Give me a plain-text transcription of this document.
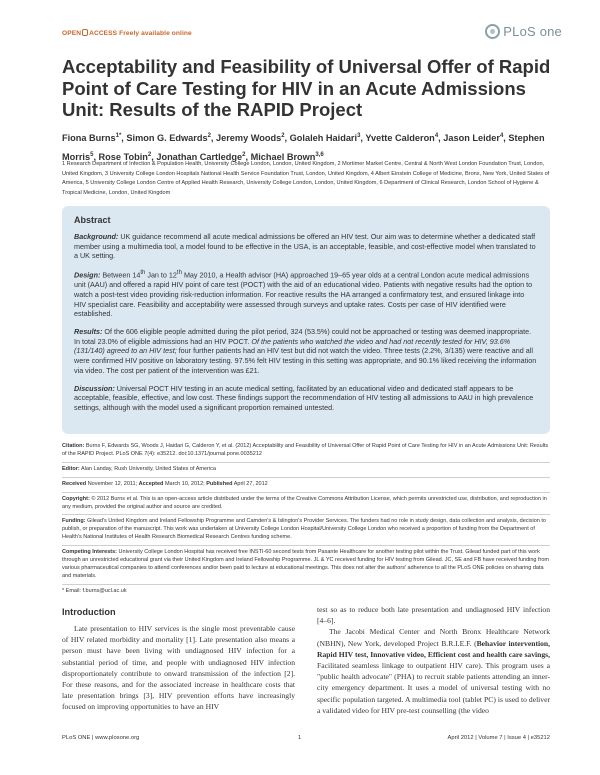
OPEN ACCESS Freely available online	PLoS one
Acceptability and Feasibility of Universal Offer of Rapid Point of Care Testing for HIV in an Acute Admissions Unit: Results of the RAPID Project
Fiona Burns$^{1*}$, Simon G. Edwards$^2$, Jeremy Woods$^2$, Golaleh Haidari$^3$, Yvette Calderon$^4$, Jason Leider$^4$, Stephen Morris$^5$, Rose Tobin$^2$, Jonathan Cartledge$^2$, Michael Brown$^{3,6}$
1 Research Department of Infection & Population Health, University College London, London, United Kingdom, 2 Mortimer Market Centre, Central & North West London Foundation Trust, London, United Kingdom, 3 University College London Hospitals National Health Service Foundation Trust, London, United Kingdom, 4 Albert Einstein College of Medicine, Bronx, New York, United States of America, 5 University College London Centre of Applied Health Research, University College London, London, United Kingdom, 6 Department of Clinical Research, London School of Hygiene & Tropical Medicine, London, United Kingdom
Abstract

Background: UK guidance recommend all acute medical admissions be offered an HIV test. Our aim was to determine whether a dedicated staff member using a multimedia tool, a model found to be effective in the USA, is an acceptable, feasible, and cost-effective model when translated to a UK setting.

Design: Between 14th Jan to 12th May 2010, a Health advisor (HA) approached 19–65 year olds at a central London acute medical admissions unit (AAU) and offered a rapid HIV point of care test (POCT) with the aid of an educational video. Patients with negative results had the option to watch a post-test video providing risk-reduction information. For reactive results the HA arranged a confirmatory test, and ensured linkage into HIV specialist care. Feasibility and acceptability were assessed through surveys and uptake rates. Costs per case of HIV identified were established.

Results: Of the 606 eligible people admitted during the pilot period, 324 (53.5%) could not be approached or testing was deemed inappropriate. In total 23.0% of eligible admissions had an HIV POCT. Of the patients who watched the video and had not recently tested for HIV, 93.6% (131/140) agreed to an HIV test; four further patients had an HIV test but did not watch the video. Three tests (2.2%, 3/135) were reactive and all were confirmed HIV positive on laboratory testing. 97.5% felt HIV testing in this setting was appropriate, and 90.1% liked receiving the information via video. The cost per patient of the intervention was £21.

Discussion: Universal POCT HIV testing in an acute medical setting, facilitated by an educational video and dedicated staff appears to be acceptable, feasible, effective, and low cost. These findings support the recommendation of HIV testing all admissions to AAU in high prevalence settings, although with the model used a significant proportion remained untested.

Citation: Burns F, Edwards SG, Woods J, Haidari G, Calderon Y, et al. (2012) Acceptability and Feasibility of Universal Offer of Rapid Point of Care Testing for HIV in an Acute Admissions Unit: Results of the RAPID Project. PLoS ONE 7(4): e35212. doi:10.1371/journal.pone.0035212
Editor: Alan Landay, Rush University, United States of America
Received November 12, 2011; Accepted March 10, 2012; Published April 27, 2012
Copyright: © 2012 Burns et al. This is an open-access article distributed under the terms of the Creative Commons Attribution License, which permits unrestricted use, distribution, and reproduction in any medium, provided the original author and source are credited.
Funding: Gilead's United Kingdom and Ireland Fellowship Programme and Camden's & Islington's Provider Services. The funders had no role in study design, data collection and analysis, decision to publish, or preparation of the manuscript. This work was undertaken at University College London Hospital/University College London who received a proportion of funding from the Department of Health's National Institutes of Health Research Biomedical Research Centres funding scheme.
Competing Interests: University College London Hospital has received free INSTI-60 second tests from Pasante Healthcare for another testing pilot within the Trust. Gilead funded part of this work through an unrestricted educational grant via their United Kingdom and Ireland Fellowship Programme. JL & YC received funding for HIV testing from Gilead. JC, SE and FB have received funding from various pharmaceutical companies to attend conferences and/or been paid to lecture at educational meetings. This does not alter the authors' adherence to all the PLoS ONE policies on sharing data and materials.
* Email: f.burns@ucl.ac.uk
Introduction
Late presentation to HIV services is the single most preventable cause of HIV related morbidity and mortality [1]. Late presentation also means a person must have been living with undiagnosed HIV infection for a substantial period of time, and people with undiagnosed HIV infection disproportionately contribute to onward transmission of the infection [2]. For these reasons, and for the associated increase in healthcare costs that late presentation brings [3], HIV prevention efforts have increasingly focused on improving opportunities to have an HIV
test so as to reduce both late presentation and undiagnosed HIV infection [4–6].
The Jacobi Medical Center and North Bronx Healthcare Network (NBHN), New York, developed Project B.R.I.E.F. (Behavior intervention, Rapid HIV test, Innovative video, Efficient cost and health care savings, Facilitated seamless linkage to outpatient HIV care). This program uses a "public health advocate" (PHA) to recruit stable patients attending an inner-city emergency department. It uses a model of universal testing with no specific population targeted. A multimedia tool (tablet PC) is used to deliver a validated video for HIV pre-test counselling (the video
PLoS ONE | www.plosone.org	1	April 2012 | Volume 7 | Issue 4 | e35212
